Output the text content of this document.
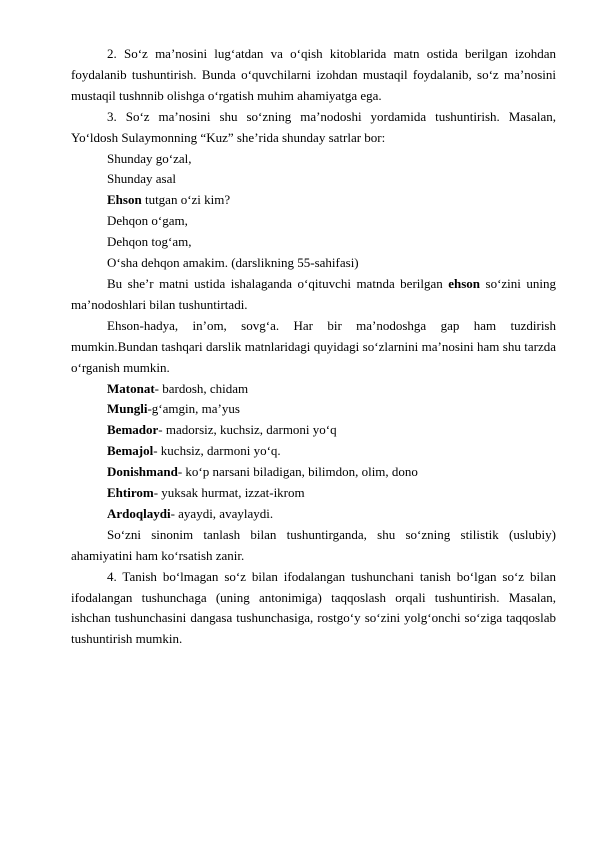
2. Soʻz ma’nosini lugʻatdan va oʻqish kitoblarida matn ostida berilgan izohdan foydalanib tushuntirish. Bunda oʻquvchilarni izohdan mustaqil foydalanib, soʻz ma’nosini mustaqil tushnnib olishga oʻrgatish muhim ahamiyatga ega.

3. Soʻz ma’nosini shu soʻzning ma’nodoshi yordamida tushuntirish. Masalan, Yoʻldosh Sulaymonning “Kuz” she’rida shunday satrlar bor:

Shunday goʻzal,

Shunday asal

Ehson tutgan oʻzi kim?

Dehqon oʻgam,

Dehqon togʻam,

Oʻsha dehqon amakim. (darslikning 55-sahifasi)

Bu she’r matni ustida ishalaganda oʻqituvchi matnda berilgan ehson soʻzini uning ma’nodoshlari bilan tushuntirtadi.

Ehson-hadya, in’om, sovgʻa. Har bir ma’nodoshga gap ham tuzdirish mumkin.Bundan tashqari darslik matnlaridagi quyidagi soʻzlarnini ma’nosini ham shu tarzda oʻrganish mumkin.

Matonat- bardosh, chidam

Mungli-gʻamgin, ma’yus

Bemador- madorsiz, kuchsiz, darmoni yoʻq

Bemajol- kuchsiz, darmoni yoʻq.

Donishmand- koʻp narsani biladigan, bilimdon, olim, dono

Ehtirom- yuksak hurmat, izzat-ikrom

Ardoqlaydi- ayaydi, avaylaydi.

Soʻzni sinonim tanlash bilan tushuntirganda, shu soʻzning stilistik (uslubiy) ahamiyatini ham koʻrsatish zanir.

4. Tanish boʻlmagan soʻz bilan ifodalangan tushunchani tanish boʻlgan soʻz bilan ifodalangan tushunchaga (uning antonimiga) taqqoslash orqali tushuntirish. Masalan, ishchan tushunchasini dangasa tushunchasiga, rostgoʻy soʻzini yolgʻonchi soʻziga taqqoslab tushuntirish mumkin.
